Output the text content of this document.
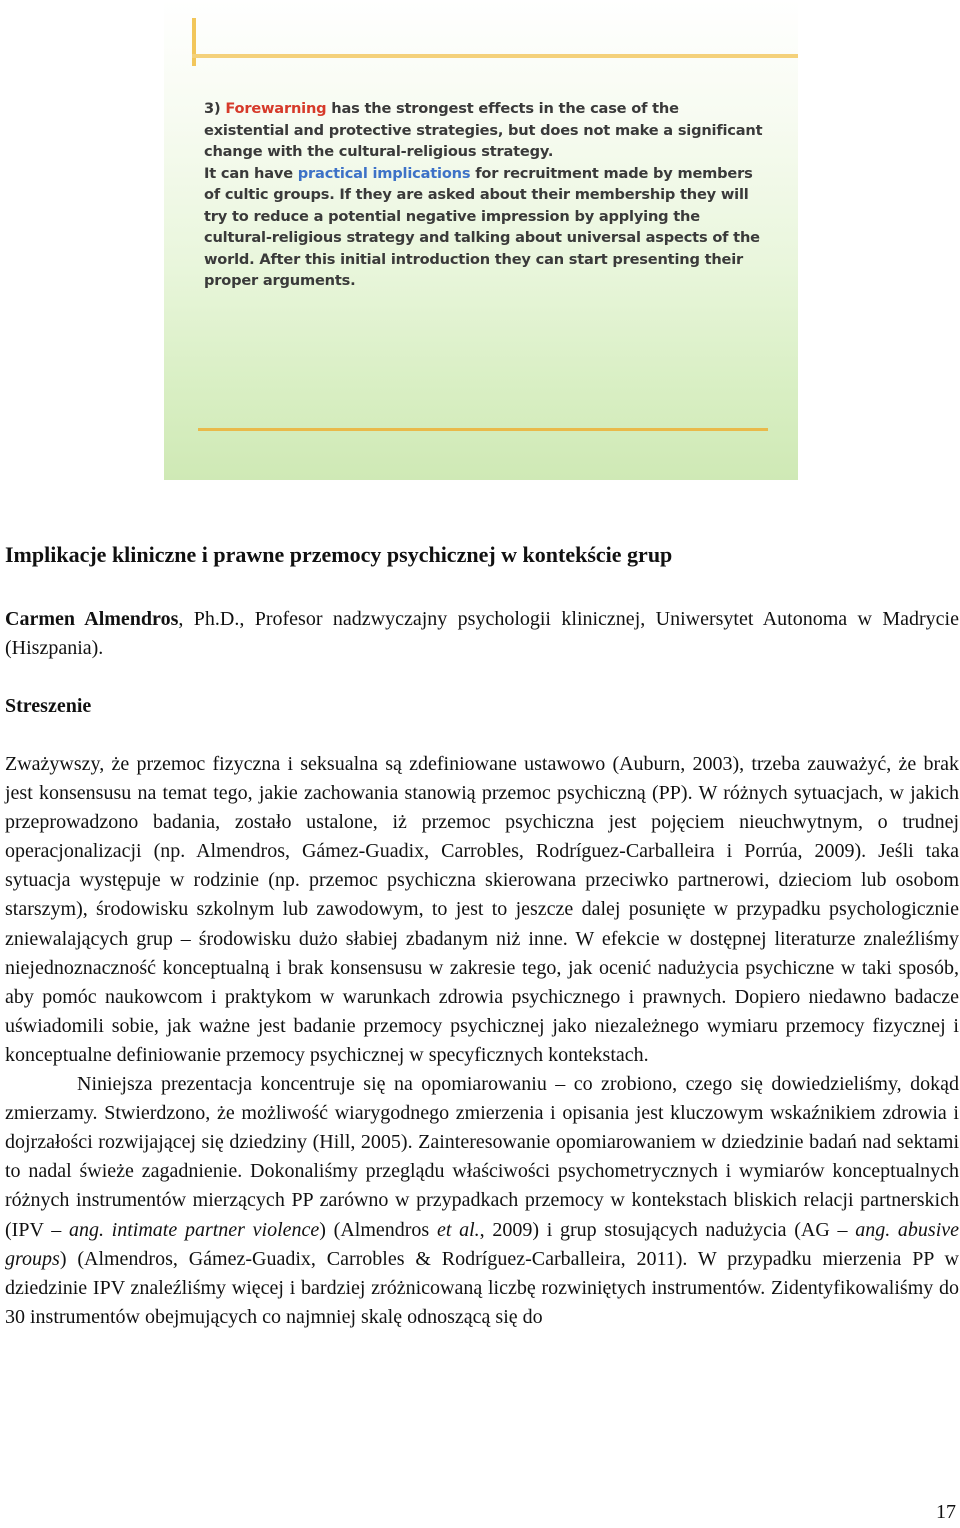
3) Forewarning has the strongest effects in the case of the existential and protective strategies, but does not make a significant change with the cultural-religious strategy.

It can have practical implications for recruitment made by members of cultic groups. If they are asked about their membership they will try to reduce a potential negative impression by applying the cultural-religious strategy and talking about universal aspects of the world. After this initial introduction they can start presenting their proper arguments.

Implikacje kliniczne i prawne przemocy psychicznej w kontekście grup
Carmen Almendros, Ph.D., Profesor nadzwyczajny psychologii klinicznej, Uniwersytet Autonoma w Madrycie (Hiszpania).
Streszenie

Zważywszy, że przemoc fizyczna i seksualna są zdefiniowane ustawowo (Auburn, 2003), trzeba zauważyć, że brak jest konsensusu na temat tego, jakie zachowania stanowią przemoc psychiczną (PP). W różnych sytuacjach, w jakich przeprowadzono badania, zostało ustalone, iż przemoc psychiczna jest pojęciem nieuchwytnym, o trudnej operacjonalizacji (np. Almendros, Gámez-Guadix, Carrobles, Rodríguez-Carballeira i Porrúa, 2009). Jeśli taka sytuacja występuje w rodzinie (np. przemoc psychiczna skierowana przeciwko partnerowi, dzieciom lub osobom starszym), środowisku szkolnym lub zawodowym, to jest to jeszcze dalej posunięte w przypadku psychologicznie zniewalających grup – środowisku dużo słabiej zbadanym niż inne. W efekcie w dostępnej literaturze znaleźliśmy niejednoznaczność konceptualną i brak konsensusu w zakresie tego, jak ocenić nadużycia psychiczne w taki sposób, aby pomóc naukowcom i praktykom w warunkach zdrowia psychicznego i prawnych. Dopiero niedawno badacze uświadomili sobie, jak ważne jest badanie przemocy psychicznej jako niezależnego wymiaru przemocy fizycznej i konceptualne definiowanie przemocy psychicznej w specyficznych kontekstach.

Niniejsza prezentacja koncentruje się na opomiarowaniu – co zrobiono, czego się dowiedzieliśmy, dokąd zmierzamy. Stwierdzono, że możliwość wiarygodnego zmierzenia i opisania jest kluczowym wskaźnikiem zdrowia i dojrzałości rozwijającej się dziedziny (Hill, 2005). Zainteresowanie opomiarowaniem w dziedzinie badań nad sektami to nadal świeże zagadnienie. Dokonaliśmy przeglądu właściwości psychometrycznych i wymiarów konceptualnych różnych instrumentów mierzących PP zarówno w przypadkach przemocy w kontekstach bliskich relacji partnerskich (IPV – ang. intimate partner violence) (Almendros et al., 2009) i grup stosujących nadużycia (AG – ang. abusive groups) (Almendros, Gámez-Guadix, Carrobles & Rodríguez-Carballeira, 2011). W przypadku mierzenia PP w dziedzinie IPV znaleźliśmy więcej i bardziej zróżnicowaną liczbę rozwiniętych instrumentów. Zidentyfikowaliśmy do 30 instrumentów obejmujących co najmniej skalę odnoszącą się do

17
